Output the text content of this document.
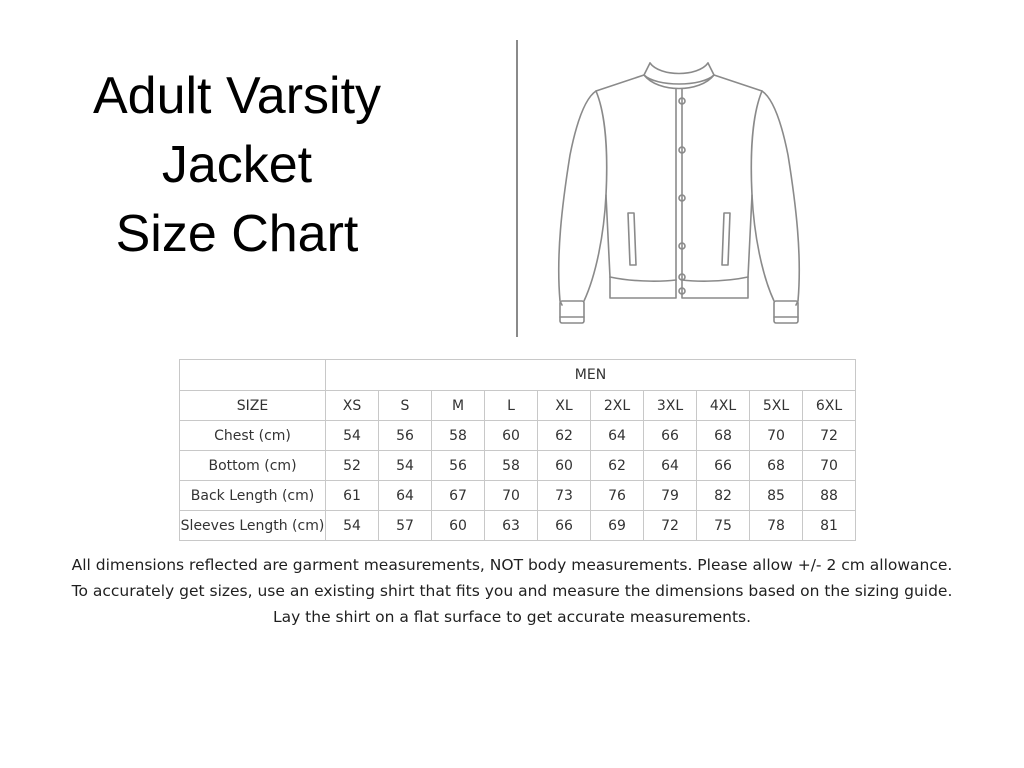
Adult Varsity
Jacket
Size Chart
	MEN									
SIZE	XS	S	M	L	XL	2XL	3XL	4XL	5XL	6XL
Chest (cm)	54	56	58	60	62	64	66	68	70	72
Bottom (cm)	52	54	56	58	60	62	64	66	68	70
Back Length (cm)	61	64	67	70	73	76	79	82	85	88
Sleeves Length (cm)	54	57	60	63	66	69	72	75	78	81

All dimensions reflected are garment measurements, NOT body measurements. Please allow +/- 2 cm allowance.

To accurately get sizes, use an existing shirt that fits you and measure the dimensions based on the sizing guide.

Lay the shirt on a flat surface to get accurate measurements.
